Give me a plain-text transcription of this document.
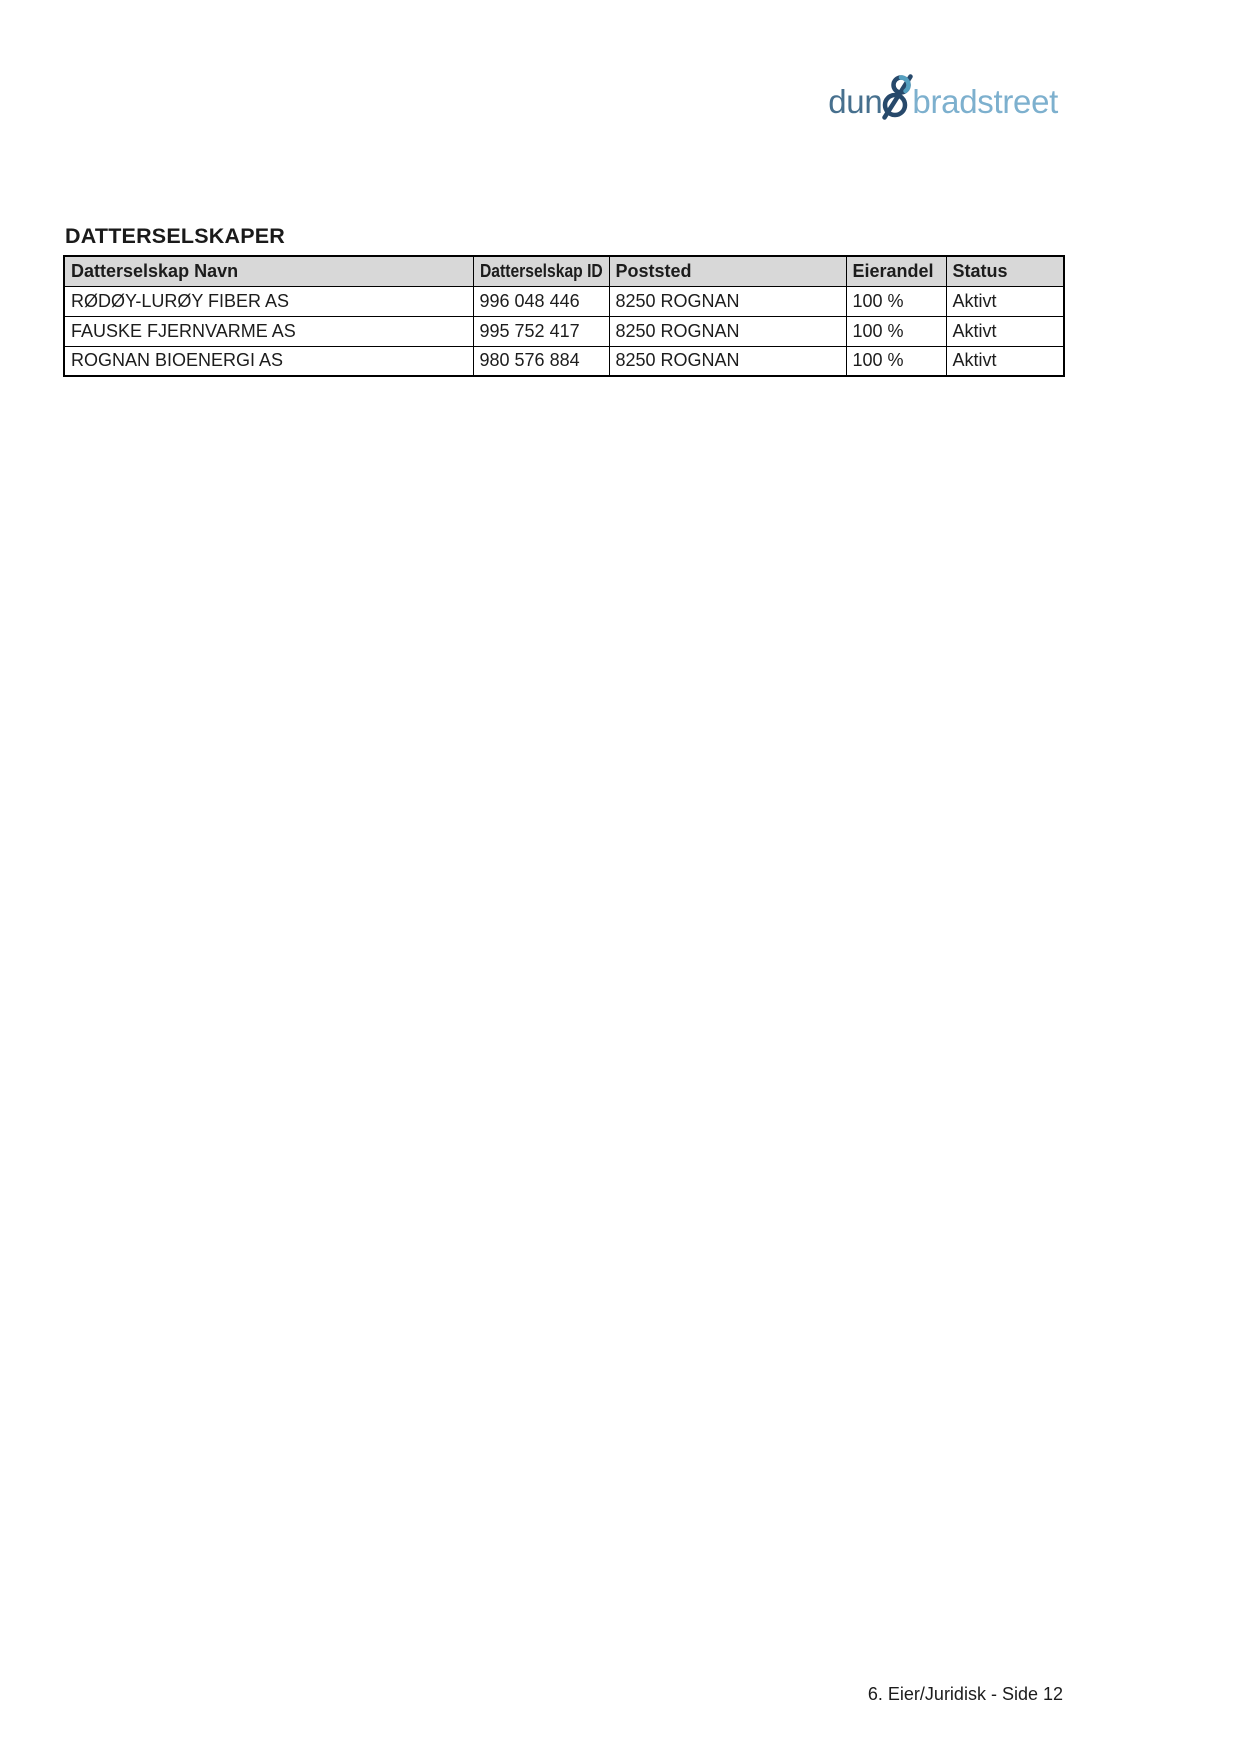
dun bradstreet
DATTERSELSKAPER
Datterselskap Navn	Datterselskap ID	Poststed	Eierandel	Status
RØDØY-LURØY FIBER AS	996 048 446	8250 ROGNAN	100 %	Aktivt
FAUSKE FJERNVARME AS	995 752 417	8250 ROGNAN	100 %	Aktivt
ROGNAN BIOENERGI AS	980 576 884	8250 ROGNAN	100 %	Aktivt
6. Eier/Juridisk - Side 12
